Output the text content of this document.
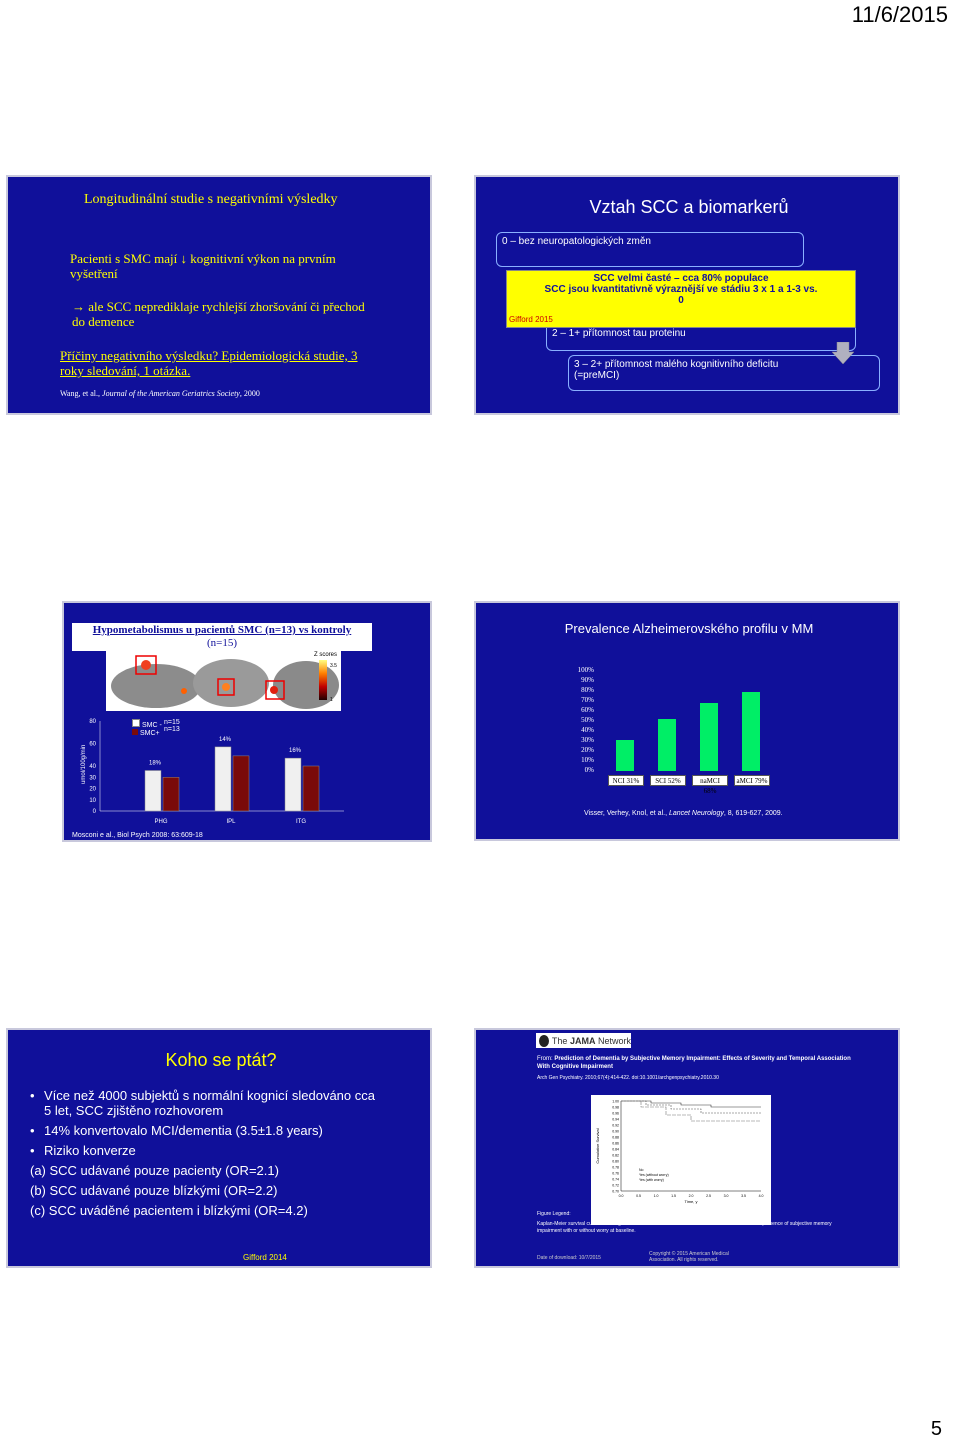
11/6/2015
Longitudinální studie s negativními výsledky
Pacienti s SMC mají ↓ kognitivní výkon na prvním vyšetření
→ ale SCC neprediklaje rychlejší zhoršování či přechod do demence
Příčiny negativního výsledku? Epidemiologická studie, 3 roky sledování, 1 otázka.
Wang, et al., Journal of the American Geriatrics Society, 2000
Vztah SCC a biomarkerů
0 – bez neuropatologických změn
2 – 1+ přítomnost tau proteinu
3 – 2+ přítomnost malého kognitivního deficitu
(=preMCI)
SCC velmi časté – cca 80% populace
SCC jsou kvantitativně výraznější ve stádiu 3 x 1 a 1-3 vs.
0
Gifford 2015
Hypometabolismus u pacientů SMC (n=13) vs kontroly
(n=15)
Z scores
3.5
1
umol/100g/min
80
60
40
30
20
10
0
18%
PHG
14%
IPL
16%
ITG
SMC -
SMC+
n=15
n=13
Mosconi e al., Biol Psych 2008: 63:609-18
Prevalence Alzheimerovského profilu v MM
100%
90%
80%
70%
60%
50%
40%
30%
20%
10%
0%
NCI 31%	SCI 52%	naMCI 68%
aMCI 79%
Visser, Verhey, Knol, et al., Lancet Neurology, 8, 619-627, 2009.
Koho se ptát?
• Více než 4000 subjektů s normální kognicí sledováno cca
5 let, SCC zjištěno rozhovorem
• 14% konvertovalo MCI/dementia (3.5±1.8 years)
• Riziko konverze
(a) SCC udávané pouze pacienty (OR=2.1)
(b) SCC udávané pouze blízkými (OR=2.2)
(c) SCC uváděné pacientem i blízkými (OR=4.2)
Gifford 2014
The
JAMA
Network
From: Prediction of Dementia by Subjective Memory Impairment: Effects of Severity and Temporal Association With Cognitive Impairment
Arch Gen Psychiatry. 2010;67(4):414-422. doi:10.1001/archgenpsychiatry.2010.30
1.00
0.98
0.96
0.94
0.92
0.90
0.88
0.86
0.84
0.82
0.80
0.78
0.76
0.74
0.72
0.70
0.0	0.5	1.0	1.5	2.0	2.5	3.0	3.5	4.0
Time, y
Cumulative Survival
No
Yes (without worry)
Yes (with worry)
Figure Legend:
Kaplan-Meier survival curves showing the conversion to dementia in Alzheimer disease relative to the presence of subjective memory impairment with or without worry at baseline.
Date of download: 10/7/2015
Copyright © 2015 American Medical
Association. All rights reserved.
5
